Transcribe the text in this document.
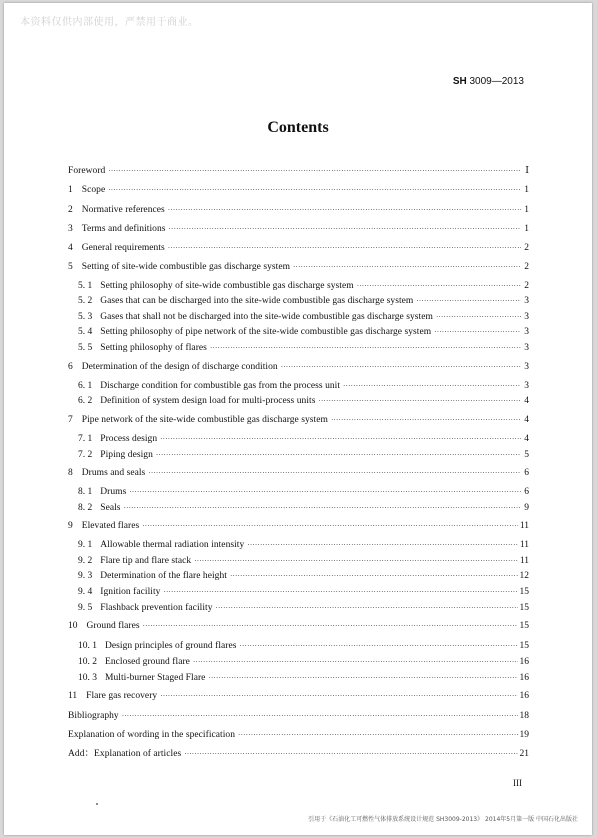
本资料仅供内部使用，严禁用于商业。
SH 3009—2013
Contents
Foreword ·····	Ⅰ
1 Scope ·····	1
2 Normative references ·····	1
3 Terms and definitions ·····	1
4 General requirements ·····	2
5 Setting of site-wide combustible gas discharge system ·····	2
5. 1 Setting philosophy of site-wide combustible gas discharge system ·····	2
5. 2 Gases that can be discharged into the site-wide combustible gas discharge system ·····	3
5. 3 Gases that shall not be discharged into the site-wide combustible gas discharge system ·····	3
5. 4 Setting philosophy of pipe network of the site-wide combustible gas discharge system ·····	3
5. 5 Setting philosophy of flares ·····	3
6 Determination of the design of discharge condition ·····	3
6. 1 Discharge condition for combustible gas from the process unit ·····	3
6. 2 Definition of system design load for multi-process units ·····	4
7 Pipe network of the site-wide combustible gas discharge system ·····	4
7. 1 Process design ·····	4
7. 2 Piping design ·····	5
8 Drums and seals ·····	6
8. 1 Drums ·····	6
8. 2 Seals ·····	9
9 Elevated flares ·····	11
9. 1 Allowable thermal radiation intensity ·····	11
9. 2 Flare tip and flare stack ·····	11
9. 3 Determination of the flare height ·····	12
9. 4 Ignition facility ·····	15
9. 5 Flashback prevention facility ·····	15
10 Ground flares ·····	15
10. 1 Design principles of ground flares ·····	15
10. 2 Enclosed ground flare ·····	16
10. 3 Multi-burner Staged Flare ·····	16
11 Flare gas recovery ·····	16
Bibliography ·····	18
Explanation of wording in the specification ·····	19
Add：Explanation of articles ·····	21
III
引用于《石油化工可燃性气体排放系统设计规范 SH3009-2013》 2014年5月第一版 中国石化出版社
